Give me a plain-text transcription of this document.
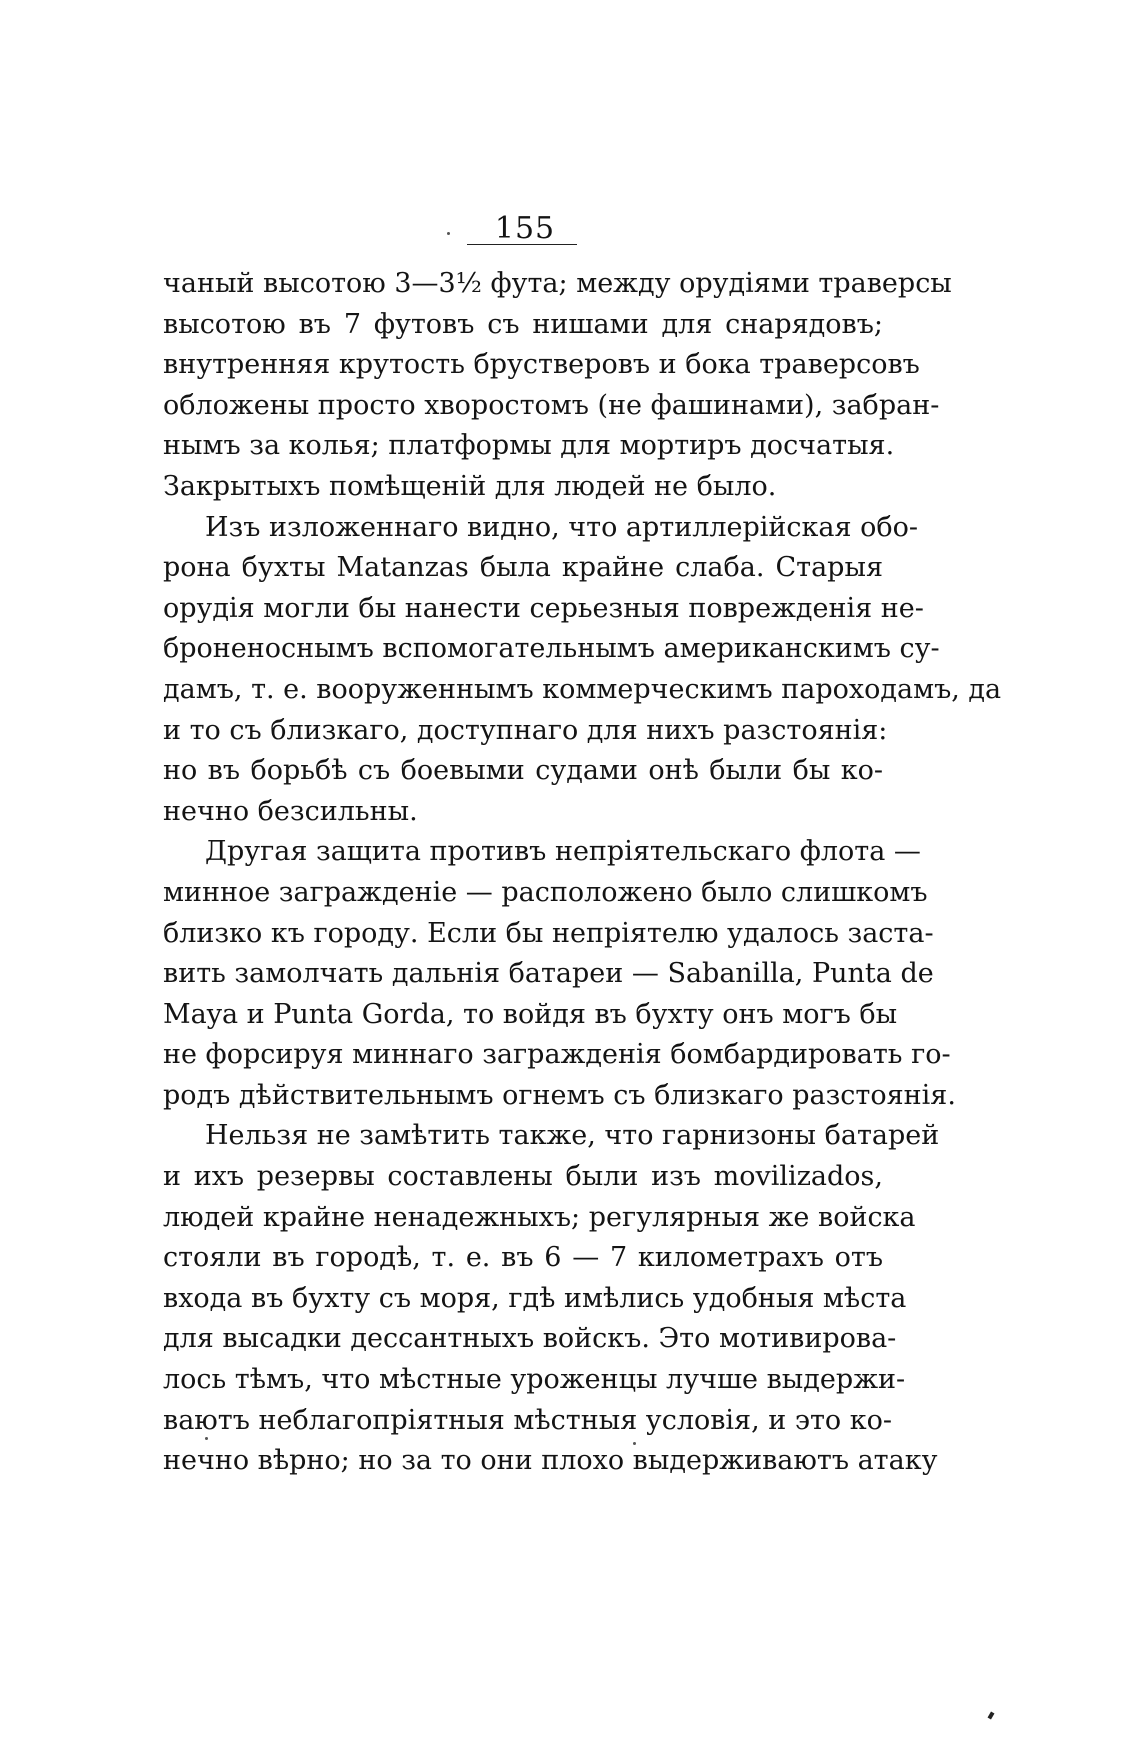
155
чаный высотою 3—3½ фута; между орудіями траверсы
высотою въ 7 футовъ съ нишами для снарядовъ;
внутренняя крутость брустверовъ и бока траверсовъ
обложены просто хворостомъ (не фашинами), забран-
нымъ за колья; платформы для мортиръ досчатыя.
Закрытыхъ помѣщеній для людей не было.
Изъ изложеннаго видно, что артиллерійская обо-
рона бухты Matanzas была крайне слаба. Старыя
орудія могли бы нанести серьезныя поврежденія не-
броненоснымъ вспомогательнымъ американскимъ су-
дамъ, т. е. вооруженнымъ коммерческимъ пароходамъ, да
и то съ близкаго, доступнаго для нихъ разстоянія:
но въ борьбѣ съ боевыми судами онѣ были бы ко-
нечно безсильны.
Другая защита противъ непріятельскаго флота —
минное загражденіе — расположено было слишкомъ
близко къ городу. Если бы непріятелю удалось заста-
вить замолчать дальнія батареи — Sabanilla, Punta de
Maya и Punta Gorda, то войдя въ бухту онъ могъ бы
не форсируя миннаго загражденія бомбардировать го-
родъ дѣйствительнымъ огнемъ съ близкаго разстоянія.
Нельзя не замѣтить также, что гарнизоны батарей
и ихъ резервы составлены были изъ movilizados,
людей крайне ненадежныхъ; регулярныя же войска
стояли въ городѣ, т. е. въ 6 — 7 километрахъ отъ
входа въ бухту съ моря, гдѣ имѣлись удобныя мѣста
для высадки дессантныхъ войскъ. Это мотивирова-
лось тѣмъ, что мѣстные уроженцы лучше выдержи-
ваютъ неблагопріятныя мѣстныя условія, и это ко-
нечно вѣрно; но за то они плохо выдерживаютъ атаку
